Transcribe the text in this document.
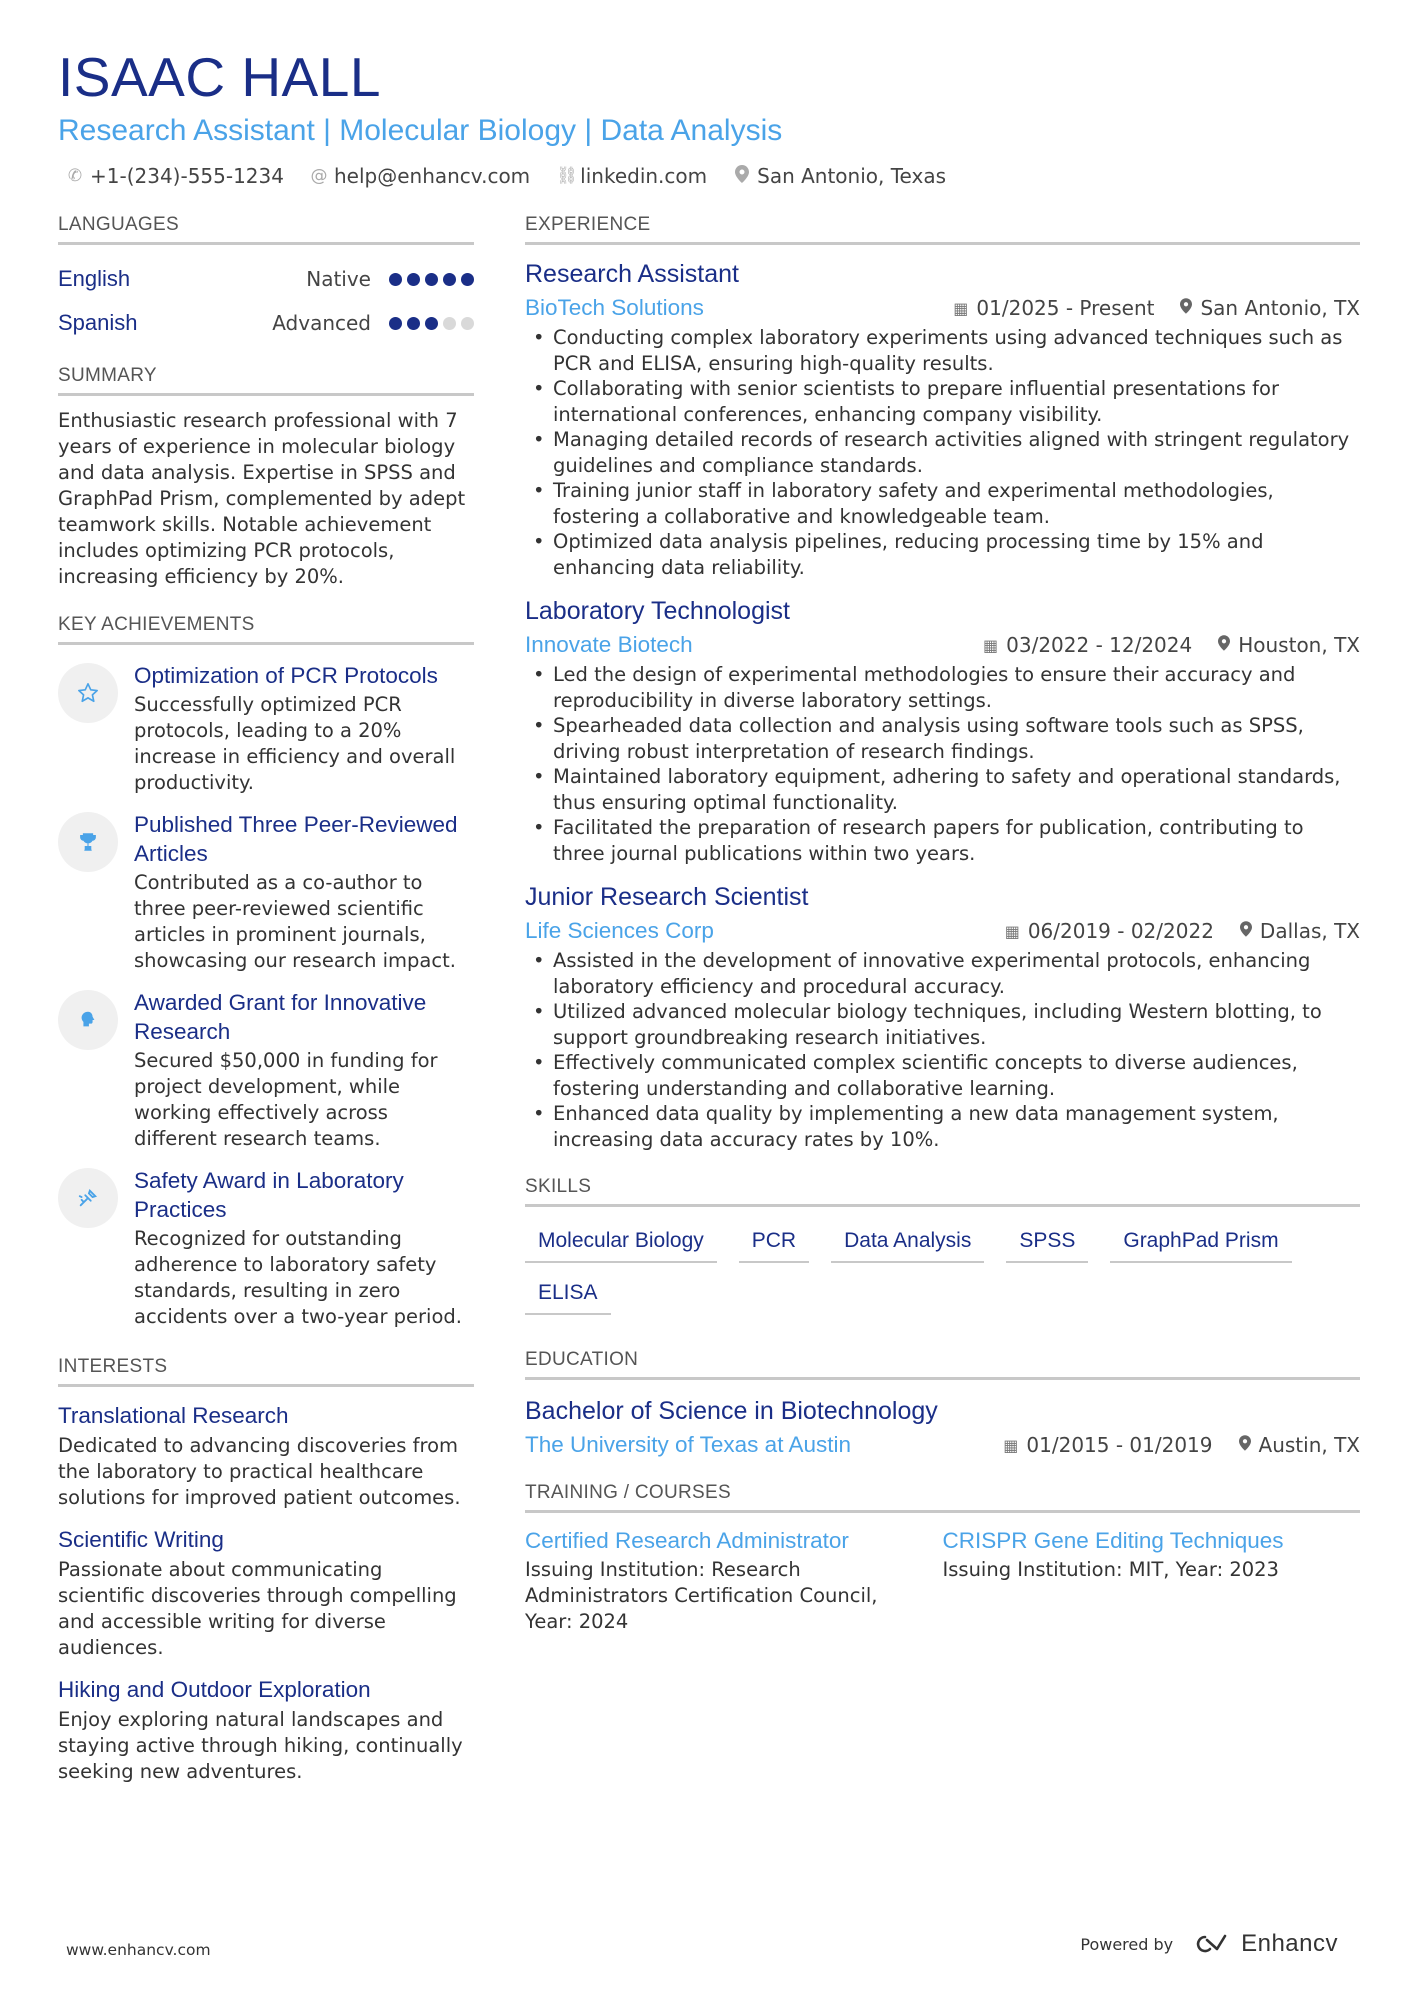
ISAAC HALL
Research Assistant | Molecular Biology | Data Analysis
✆ +1-(234)-555-1234 @ help@enhancv.com ⛓ linkedin.com	San Antonio, Texas
LANGUAGES
English	Native
Spanish	Advanced
SUMMARY
Enthusiastic research professional with 7 years of experience in molecular biology and data analysis. Expertise in SPSS and GraphPad Prism, complemented by adept teamwork skills. Notable achievement includes optimizing PCR protocols, increasing efficiency by 20%.
KEY ACHIEVEMENTS
Optimization of PCR Protocols
Successfully optimized PCR protocols, leading to a 20% increase in efficiency and overall productivity.
Published Three Peer-Reviewed Articles
Contributed as a co-author to three peer-reviewed scientific articles in prominent journals, showcasing our research impact.
Awarded Grant for Innovative Research
Secured $50,000 in funding for project development, while working effectively across different research teams.
Safety Award in Laboratory Practices
Recognized for outstanding adherence to laboratory safety standards, resulting in zero accidents over a two-year period.
INTERESTS
Translational Research
Dedicated to advancing discoveries from the laboratory to practical healthcare solutions for improved patient outcomes.
Scientific Writing
Passionate about communicating scientific discoveries through compelling and accessible writing for diverse audiences.
Hiking and Outdoor Exploration
Enjoy exploring natural landscapes and staying active through hiking, continually seeking new adventures.
EXPERIENCE
Research Assistant
BioTech Solutions	▦ 01/2025 - Present San Antonio, TX
• Conducting complex laboratory experiments using advanced techniques such as PCR and ELISA, ensuring high-quality results.
• Collaborating with senior scientists to prepare influential presentations for international conferences, enhancing company visibility.
• Managing detailed records of research activities aligned with stringent regulatory guidelines and compliance standards.
• Training junior staff in laboratory safety and experimental methodologies, fostering a collaborative and knowledgeable team.
• Optimized data analysis pipelines, reducing processing time by 15% and enhancing data reliability.
Laboratory Technologist
Innovate Biotech	▦ 03/2022 - 12/2024 Houston, TX
• Led the design of experimental methodologies to ensure their accuracy and reproducibility in diverse laboratory settings.
• Spearheaded data collection and analysis using software tools such as SPSS, driving robust interpretation of research findings.
• Maintained laboratory equipment, adhering to safety and operational standards, thus ensuring optimal functionality.
• Facilitated the preparation of research papers for publication, contributing to three journal publications within two years.
Junior Research Scientist
Life Sciences Corp	▦ 06/2019 - 02/2022 Dallas, TX
• Assisted in the development of innovative experimental protocols, enhancing laboratory efficiency and procedural accuracy.
• Utilized advanced molecular biology techniques, including Western blotting, to support groundbreaking research initiatives.
• Effectively communicated complex scientific concepts to diverse audiences, fostering understanding and collaborative learning.
• Enhanced data quality by implementing a new data management system, increasing data accuracy rates by 10%.
SKILLS
Molecular Biology	PCR	Data Analysis	SPSS	GraphPad Prism
ELISA
EDUCATION
Bachelor of Science in Biotechnology
The University of Texas at Austin	▦ 01/2015 - 01/2019 Austin, TX
TRAINING / COURSES
Certified Research Administrator
Issuing Institution: Research Administrators Certification Council, Year: 2024
CRISPR Gene Editing Techniques
Issuing Institution: MIT, Year: 2023
www.enhancv.com	Powered by	Enhancv
